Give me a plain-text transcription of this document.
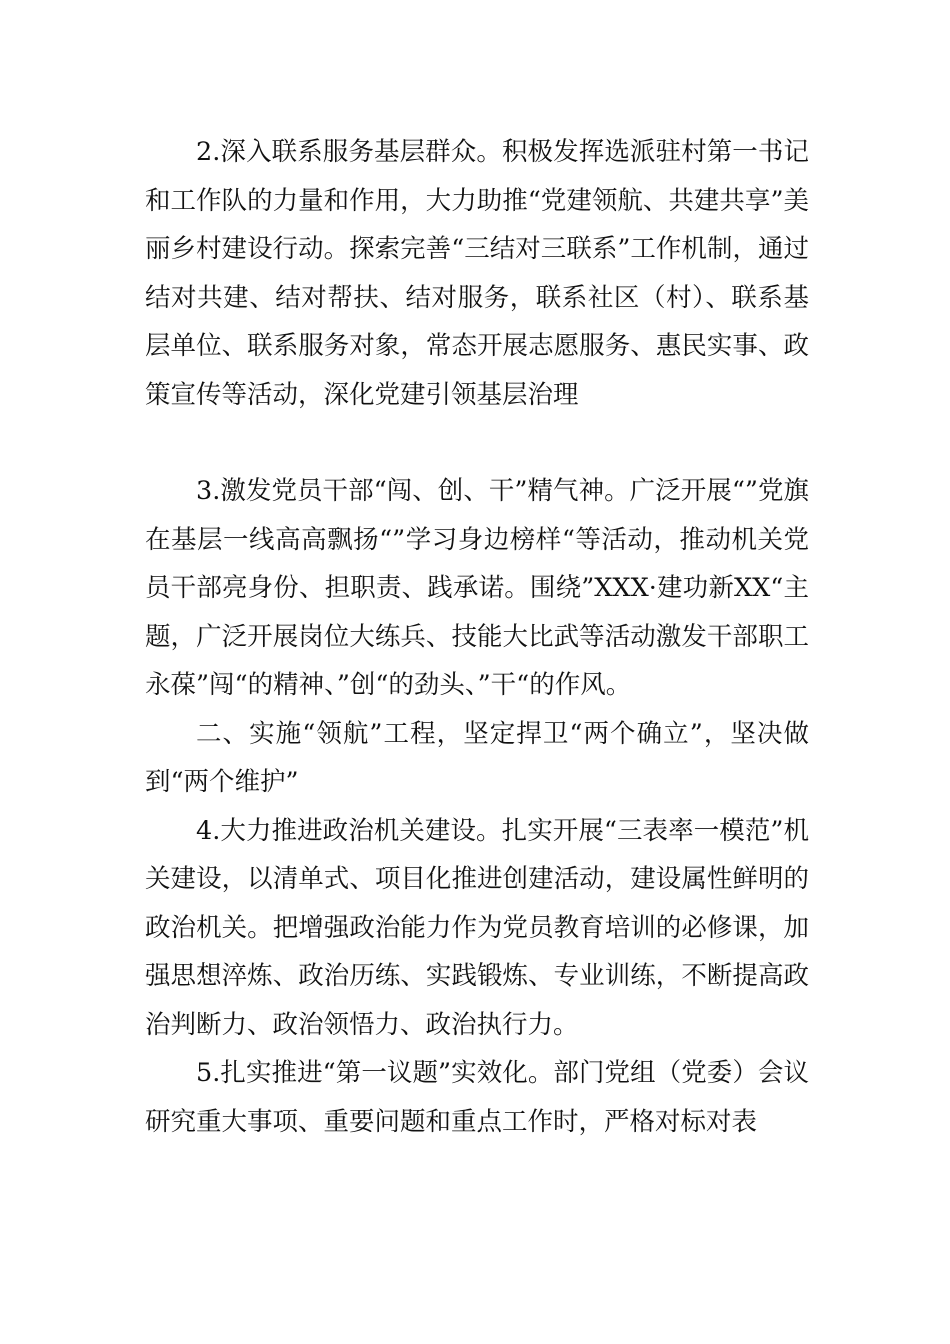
2.深入联系服务基层群众。积极发挥选派驻村第一书记和工作队的力量和作用，大力助推“党建领航、共建共享”美丽乡村建设行动。探索完善“三结对三联系”工作机制，通过结对共建、结对帮扶、结对服务，联系社区（村）、联系基层单位、联系服务对象，常态开展志愿服务、惠民实事、政策宣传等活动，深化党建引领基层治理

3.激发党员干部“闯、创、干”精气神。广泛开展“”党旗在基层一线高高飘扬“”学习身边榜样“等活动，推动机关党员干部亮身份、担职责、践承诺。围绕”XXX·建功新XX“主题，广泛开展岗位大练兵、技能大比武等活动激发干部职工永葆”闯“的精神、”创“的劲头、”干“的作风。

二、实施“领航”工程，坚定捍卫“两个确立”，坚决做到“两个维护”

4.大力推进政治机关建设。扎实开展“三表率一模范”机关建设，以清单式、项目化推进创建活动，建设属性鲜明的政治机关。把增强政治能力作为党员教育培训的必修课，加强思想淬炼、政治历练、实践锻炼、专业训练，不断提高政治判断力、政治领悟力、政治执行力。

5.扎实推进“第一议题”实效化。部门党组（党委）会议研究重大事项、重要问题和重点工作时，严格对标对表
